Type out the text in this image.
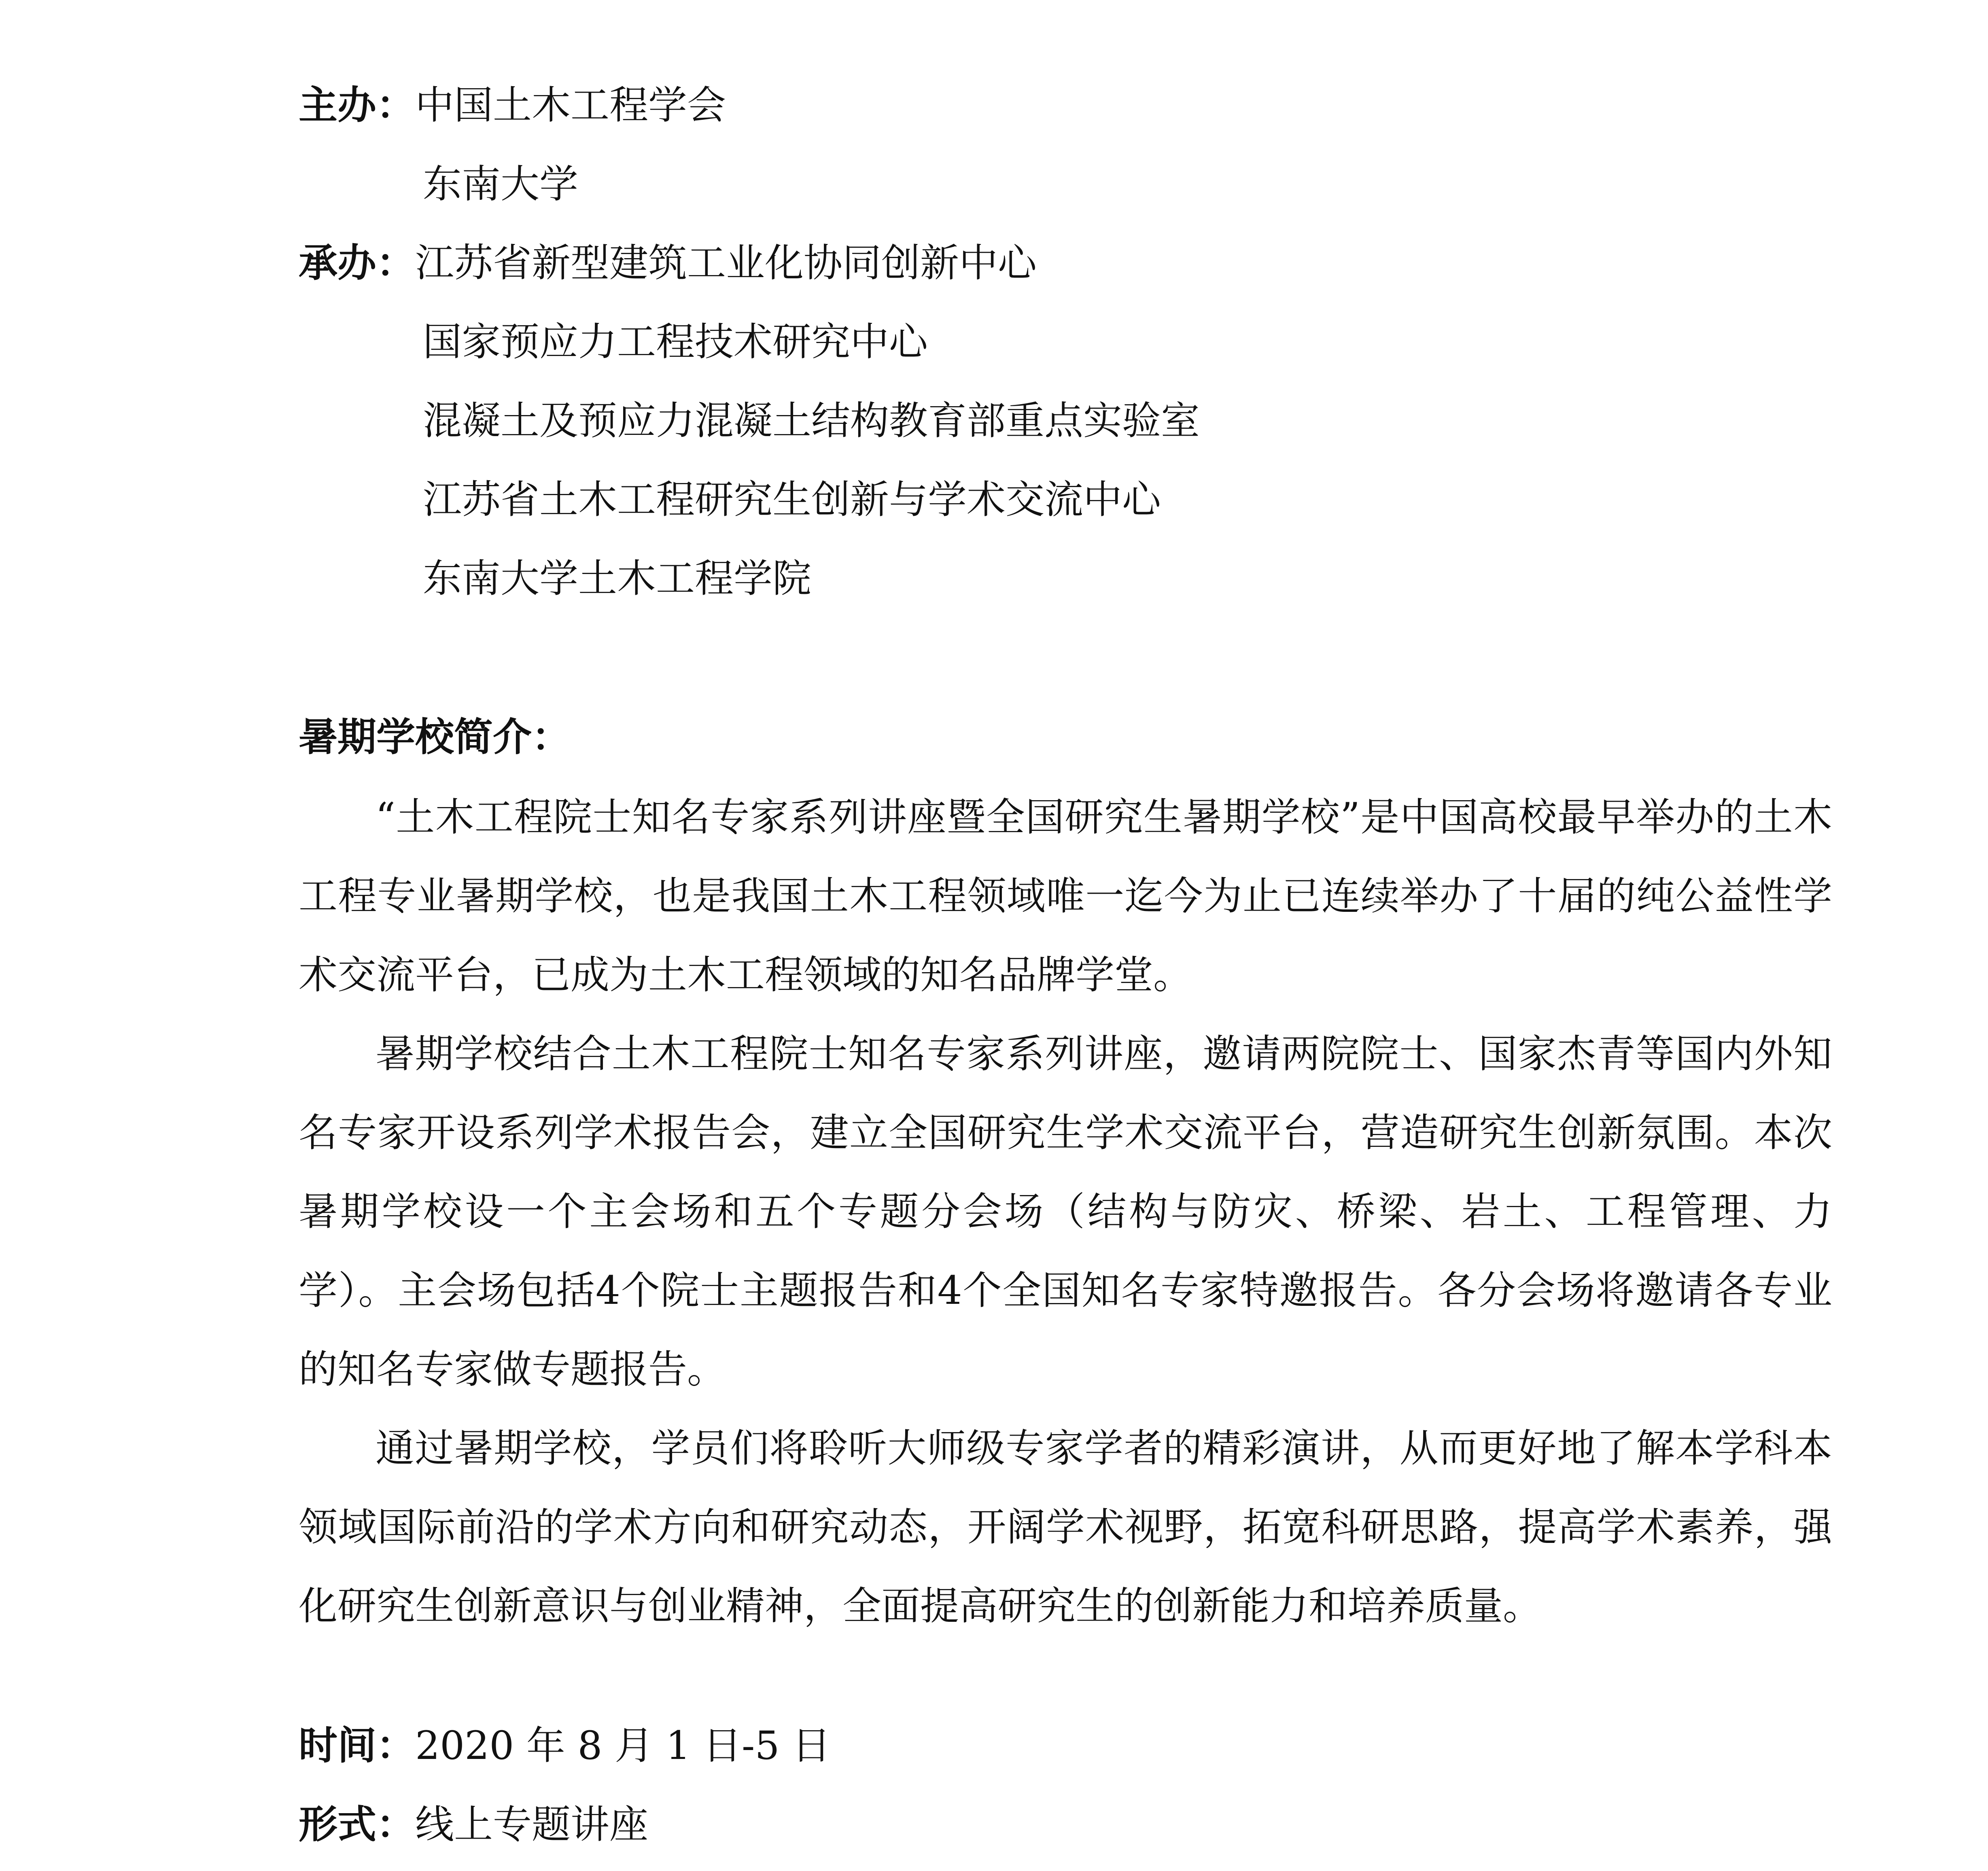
主办：中国土木工程学会

东南大学

承办：江苏省新型建筑工业化协同创新中心

国家预应力工程技术研究中心

混凝土及预应力混凝土结构教育部重点实验室

江苏省土木工程研究生创新与学术交流中心

东南大学土木工程学院

暑期学校简介：

“土木工程院士知名专家系列讲座暨全国研究生暑期学校”是中国高校最早举办的土木工程专业暑期学校，也是我国土木工程领域唯一迄今为止已连续举办了十届的纯公益性学术交流平台，已成为土木工程领域的知名品牌学堂。

暑期学校结合土木工程院士知名专家系列讲座，邀请两院院士、国家杰青等国内外知名专家开设系列学术报告会，建立全国研究生学术交流平台，营造研究生创新氛围。本次暑期学校设一个主会场和五个专题分会场（结构与防灾、桥梁、岩土、工程管理、力学）。主会场包括4个院士主题报告和4个全国知名专家特邀报告。各分会场将邀请各专业的知名专家做专题报告。

通过暑期学校，学员们将聆听大师级专家学者的精彩演讲，从而更好地了解本学科本领域国际前沿的学术方向和研究动态，开阔学术视野，拓宽科研思路，提高学术素养，强化研究生创新意识与创业精神，全面提高研究生的创新能力和培养质量。

时间：2020 年 8 月 1 日-5 日

形式：线上专题讲座
